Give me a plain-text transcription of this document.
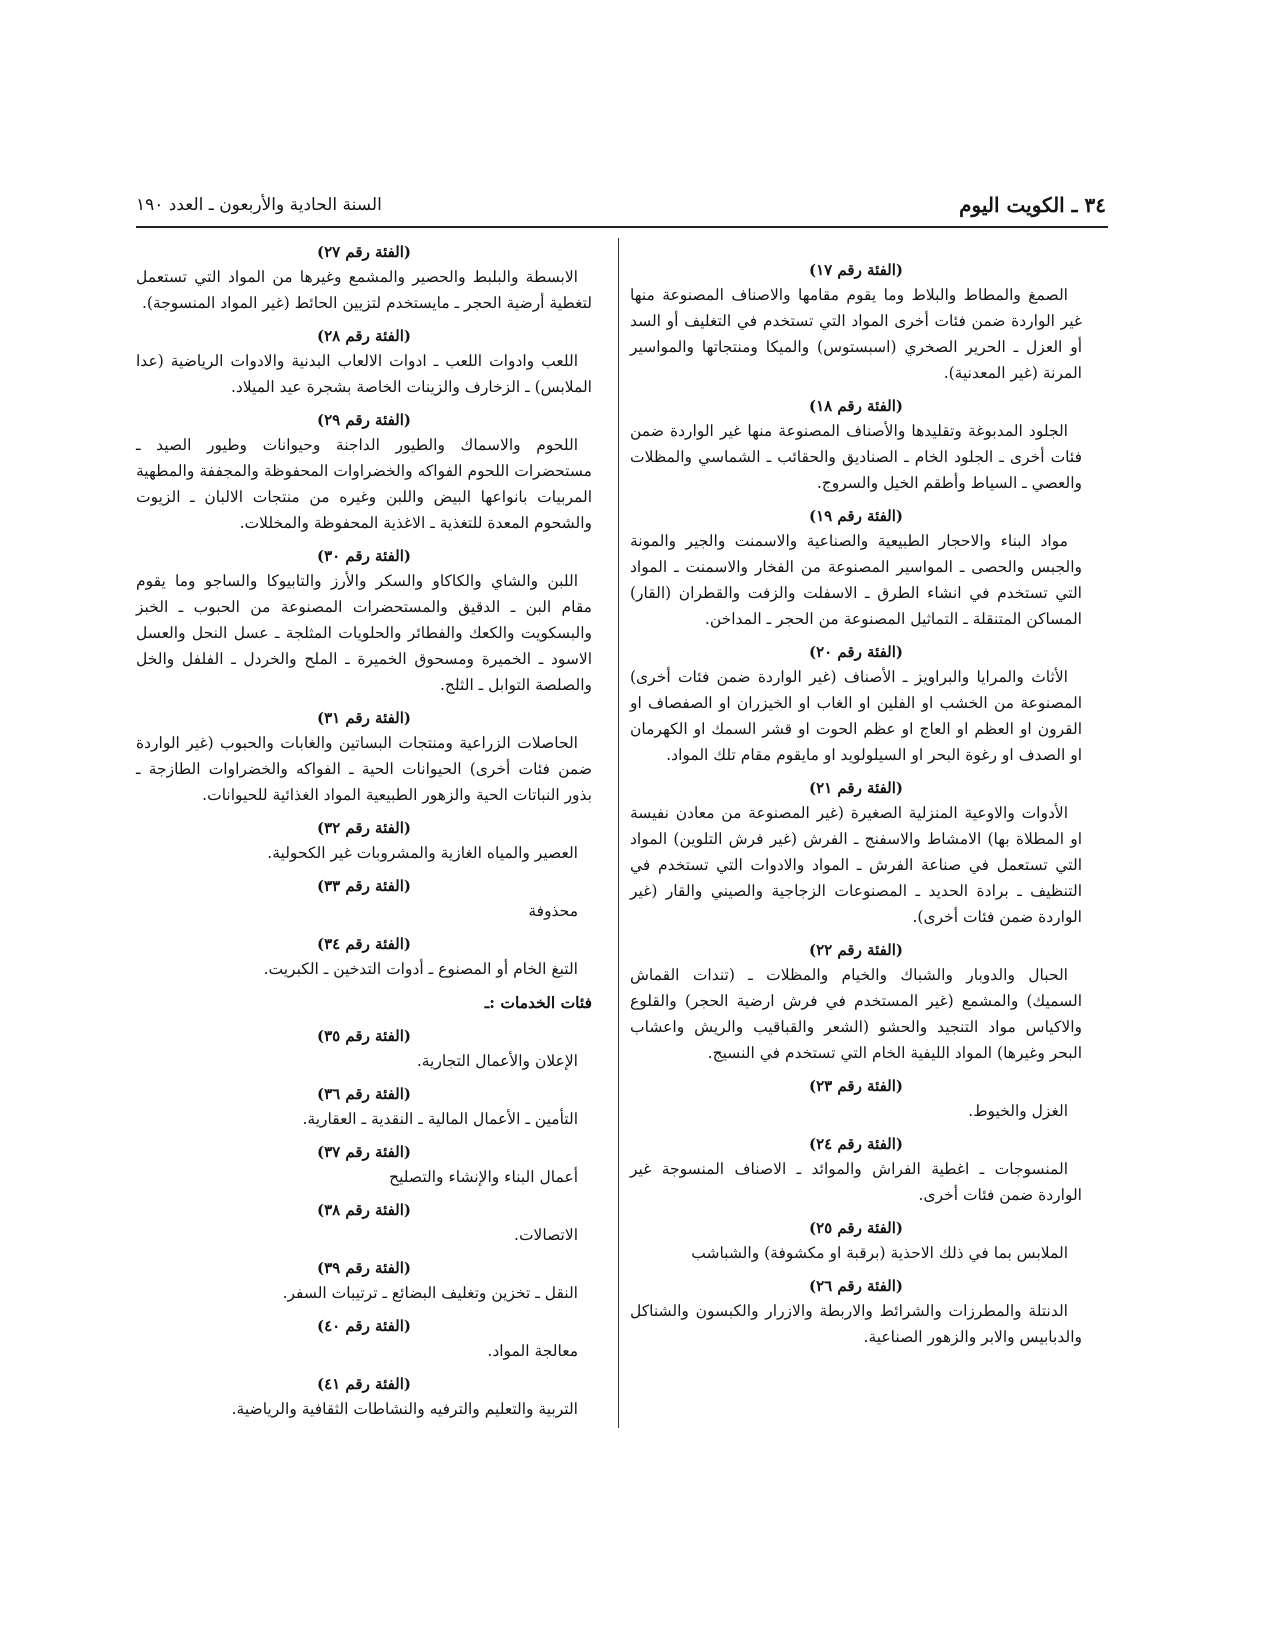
٣٤ ـ الكويت اليوم
السنة الحادية والأربعون ـ العدد ١٩٠

(الفئة رقم ١٧)

الصمغ والمطاط والبلاط وما يقوم مقامها والاصناف المصنوعة منها غير الواردة ضمن فئات أخرى المواد التي تستخدم في التغليف أو السد أو العزل ـ الحرير الصخري (اسبستوس) والميكا ومنتجاتها والمواسير المرنة (غير المعدنية).

(الفئة رقم ١٨)

الجلود المدبوغة وتقليدها والأصناف المصنوعة منها غير الواردة ضمن فئات أخرى ـ الجلود الخام ـ الصناديق والحقائب ـ الشماسي والمظلات والعصي ـ السياط وأطقم الخيل والسروج.

(الفئة رقم ١٩)

مواد البناء والاحجار الطبيعية والصناعية والاسمنت والجير والمونة والجبس والحصى ـ المواسير المصنوعة من الفخار والاسمنت ـ المواد التي تستخدم في انشاء الطرق ـ الاسفلت والزفت والقطران (القار) المساكن المتنقلة ـ التماثيل المصنوعة من الحجر ـ المداخن.

(الفئة رقم ٢٠)

الأثاث والمرايا والبراويز ـ الأصناف (غير الواردة ضمن فئات أخرى) المصنوعة من الخشب او الفلين او الغاب او الخيزران او الصفصاف او القرون او العظم او العاج او عظم الحوت او قشر السمك او الكهرمان او الصدف او رغوة البحر او السيلولويد او مايقوم مقام تلك المواد.

(الفئة رقم ٢١)

الأدوات والاوعية المنزلية الصغيرة (غير المصنوعة من معادن نفيسة او المطلاة بها) الامشاط والاسفنج ـ الفرش (غير فرش التلوين) المواد التي تستعمل في صناعة الفرش ـ المواد والادوات التي تستخدم في التنظيف ـ برادة الحديد ـ المصنوعات الزجاجية والصيني والقار (غير الواردة ضمن فئات أخرى).

(الفئة رقم ٢٢)

الحبال والدوبار والشباك والخيام والمظلات ـ (تندات القماش السميك) والمشمع (غير المستخدم في فرش ارضية الحجر) والقلوع والاكياس مواد التنجيد والحشو (الشعر والقباقيب والريش واعشاب البحر وغيرها) المواد الليفية الخام التي تستخدم في النسيج.

(الفئة رقم ٢٣)

الغزل والخيوط.

(الفئة رقم ٢٤)

المنسوجات ـ اغطية الفراش والموائد ـ الاصناف المنسوجة غير الواردة ضمن فئات أخرى.

(الفئة رقم ٢٥)

الملابس بما في ذلك الاحذية (برقبة او مكشوفة) والشباشب

(الفئة رقم ٢٦)

الدنتلة والمطرزات والشرائط والاربطة والازرار والكبسون والشناكل والدبابيس والابر والزهور الصناعية.

(الفئة رقم ٢٧)

الابسطة والبلبط والحصير والمشمع وغيرها من المواد التي تستعمل لتغطية أرضية الحجر ـ مايستخدم لتزيين الحائط (غير المواد المنسوجة).

(الفئة رقم ٢٨)

اللعب وادوات اللعب ـ ادوات الالعاب البدنية والادوات الرياضية (عدا الملابس) ـ الزخارف والزينات الخاصة بشجرة عيد الميلاد.

(الفئة رقم ٢٩)

اللحوم والاسماك والطيور الداجنة وحيوانات وطيور الصيد ـ مستحضرات اللحوم الفواكه والخضراوات المحفوظة والمجففة والمطهية المربيات بانواعها البيض واللبن وغيره من منتجات الالبان ـ الزيوت والشحوم المعدة للتغذية ـ الاغذية المحفوظة والمخللات.

(الفئة رقم ٣٠)

اللبن والشاي والكاكاو والسكر والأرز والتابيوكا والساجو وما يقوم مقام البن ـ الدقيق والمستحضرات المصنوعة من الحبوب ـ الخبز والبسكويت والكعك والفطائر والحلويات المثلجة ـ عسل النحل والعسل الاسود ـ الخميرة ومسحوق الخميرة ـ الملح والخردل ـ الفلفل والخل والصلصة التوابل ـ الثلج.

(الفئة رقم ٣١)

الحاصلات الزراعية ومنتجات البساتين والغابات والحبوب (غير الواردة ضمن فئات أخرى) الحيوانات الحية ـ الفواكه والخضراوات الطازجة ـ بذور النباتات الحية والزهور الطبيعية المواد الغذائية للحيوانات.

(الفئة رقم ٣٢)

العصير والمياه الغازية والمشروبات غير الكحولية.

(الفئة رقم ٣٣)

محذوفة

(الفئة رقم ٣٤)

التبغ الخام أو المصنوع ـ أدوات التدخين ـ الكبريت.

فئات الخدمات :ـ

(الفئة رقم ٣٥)

الإعلان والأعمال التجارية.

(الفئة رقم ٣٦)

التأمين ـ الأعمال المالية ـ النقدية ـ العقارية.

(الفئة رقم ٣٧)

أعمال البناء والإنشاء والتصليح

(الفئة رقم ٣٨)

الاتصالات.

(الفئة رقم ٣٩)

النقل ـ تخزين وتغليف البضائع ـ ترتيبات السفر.

(الفئة رقم ٤٠)

معالجة المواد.

(الفئة رقم ٤١)

التربية والتعليم والترفيه والنشاطات الثقافية والرياضية.
